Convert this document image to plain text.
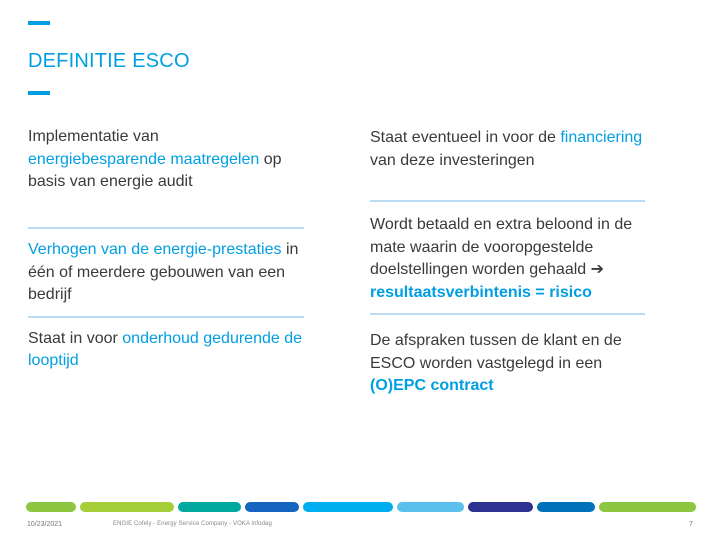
DEFINITIE ESCO
Implementatie van
energiebesparende maatregelen op basis van energie audit
Verhogen van de energie-prestaties in één of meerdere gebouwen van een bedrijf
Staat in voor onderhoud gedurende de looptijd
Staat eventueel in voor de financiering van deze investeringen
Wordt betaald en extra beloond in de mate waarin de vooropgestelde doelstellingen worden gehaald ➔
resultaatsverbintenis = risico
De afspraken tussen de klant en de ESCO worden vastgelegd in een (O)EPC contract
10/23/2021	ENGIE Cofely - Energy Service Company - VOKA infodag	7
